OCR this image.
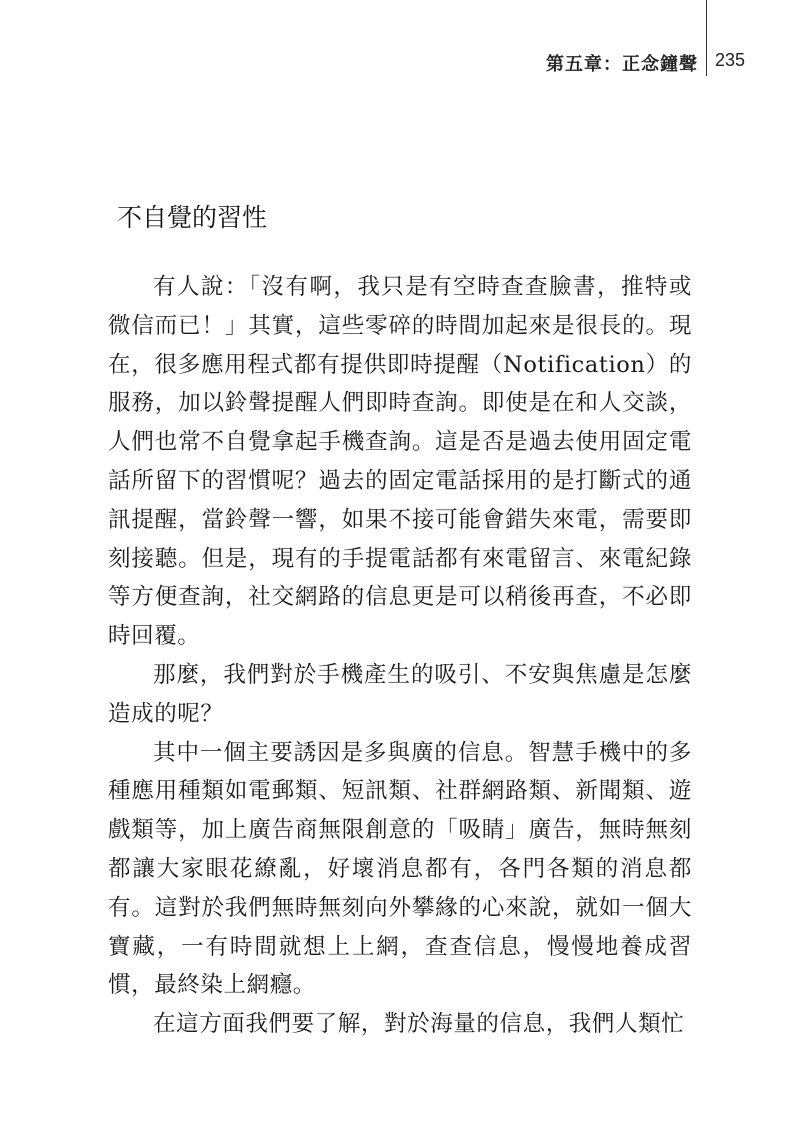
第五章：正念鐘聲 235
不自覺的習性

有人說：「沒有啊，我只是有空時查查臉書，推特或微信而已！」其實，這些零碎的時間加起來是很長的。現在，很多應用程式都有提供即時提醒（Notification）的服務，加以鈴聲提醒人們即時查詢。即使是在和人交談，人們也常不自覺拿起手機查詢。這是否是過去使用固定電話所留下的習慣呢？過去的固定電話採用的是打斷式的通訊提醒，當鈴聲一響，如果不接可能會錯失來電，需要即刻接聽。但是，現有的手提電話都有來電留言、來電紀錄等方便查詢，社交網路的信息更是可以稍後再查，不必即時回覆。

那麼，我們對於手機產生的吸引、不安與焦慮是怎麼造成的呢？

其中一個主要誘因是多與廣的信息。智慧手機中的多種應用種類如電郵類、短訊類、社群網路類、新聞類、遊戲類等，加上廣告商無限創意的「吸睛」廣告，無時無刻都讓大家眼花繚亂，好壞消息都有，各門各類的消息都有。這對於我們無時無刻向外攀緣的心來說，就如一個大寶藏，一有時間就想上上網，查查信息，慢慢地養成習慣，最終染上網癮。

在這方面我們要了解，對於海量的信息，我們人類忙
